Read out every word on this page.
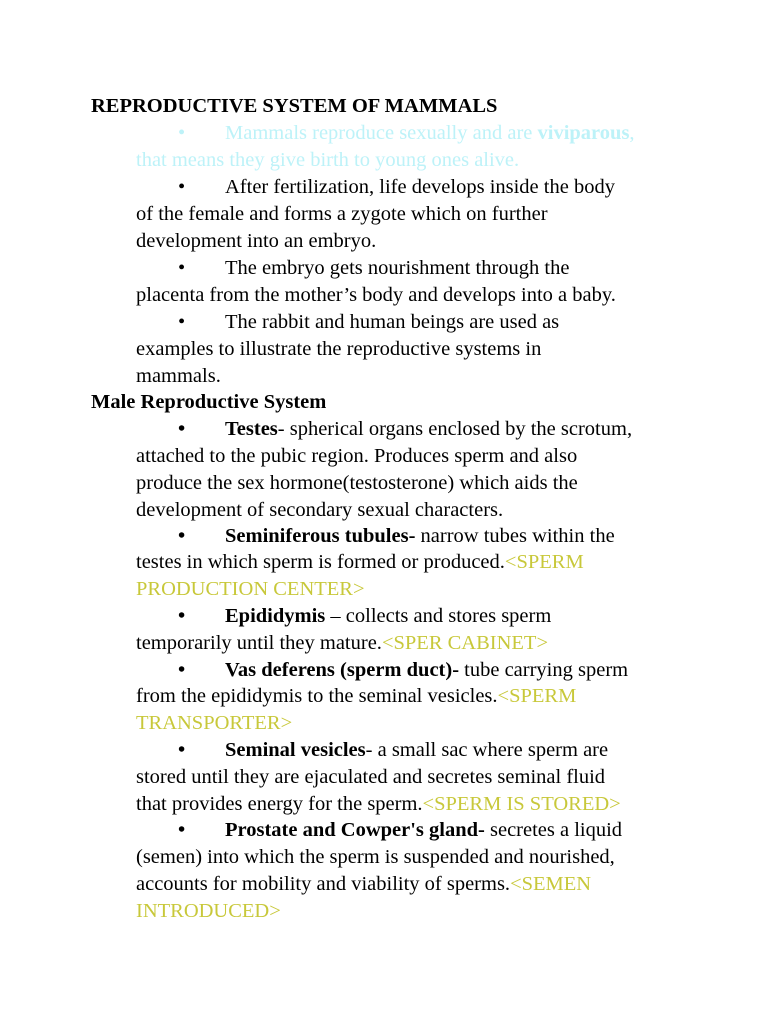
REPRODUCTIVE SYSTEM OF MAMMALS
• Mammals reproduce sexually and are viviparous,
that means they give birth to young ones alive.
• After fertilization, life develops inside the body
of the female and forms a zygote which on further
development into an embryo.
• The embryo gets nourishment through the
placenta from the mother’s body and develops into a baby.
• The rabbit and human beings are used as
examples to illustrate the reproductive systems in
mammals.
Male Reproductive System
• Testes- spherical organs enclosed by the scrotum,
attached to the pubic region. Produces sperm and also
produce the sex hormone(testosterone) which aids the
development of secondary sexual characters.
• Seminiferous tubules- narrow tubes within the
testes in which sperm is formed or produced.<SPERM
PRODUCTION CENTER>
• Epididymis – collects and stores sperm
temporarily until they mature.<SPER CABINET>
• Vas deferens (sperm duct)- tube carrying sperm
from the epididymis to the seminal vesicles.<SPERM
TRANSPORTER>
• Seminal vesicles- a small sac where sperm are
stored until they are ejaculated and secretes seminal fluid
that provides energy for the sperm.<SPERM IS STORED>
• Prostate and Cowper's gland- secretes a liquid
(semen) into which the sperm is suspended and nourished,
accounts for mobility and viability of sperms.<SEMEN
INTRODUCED>
